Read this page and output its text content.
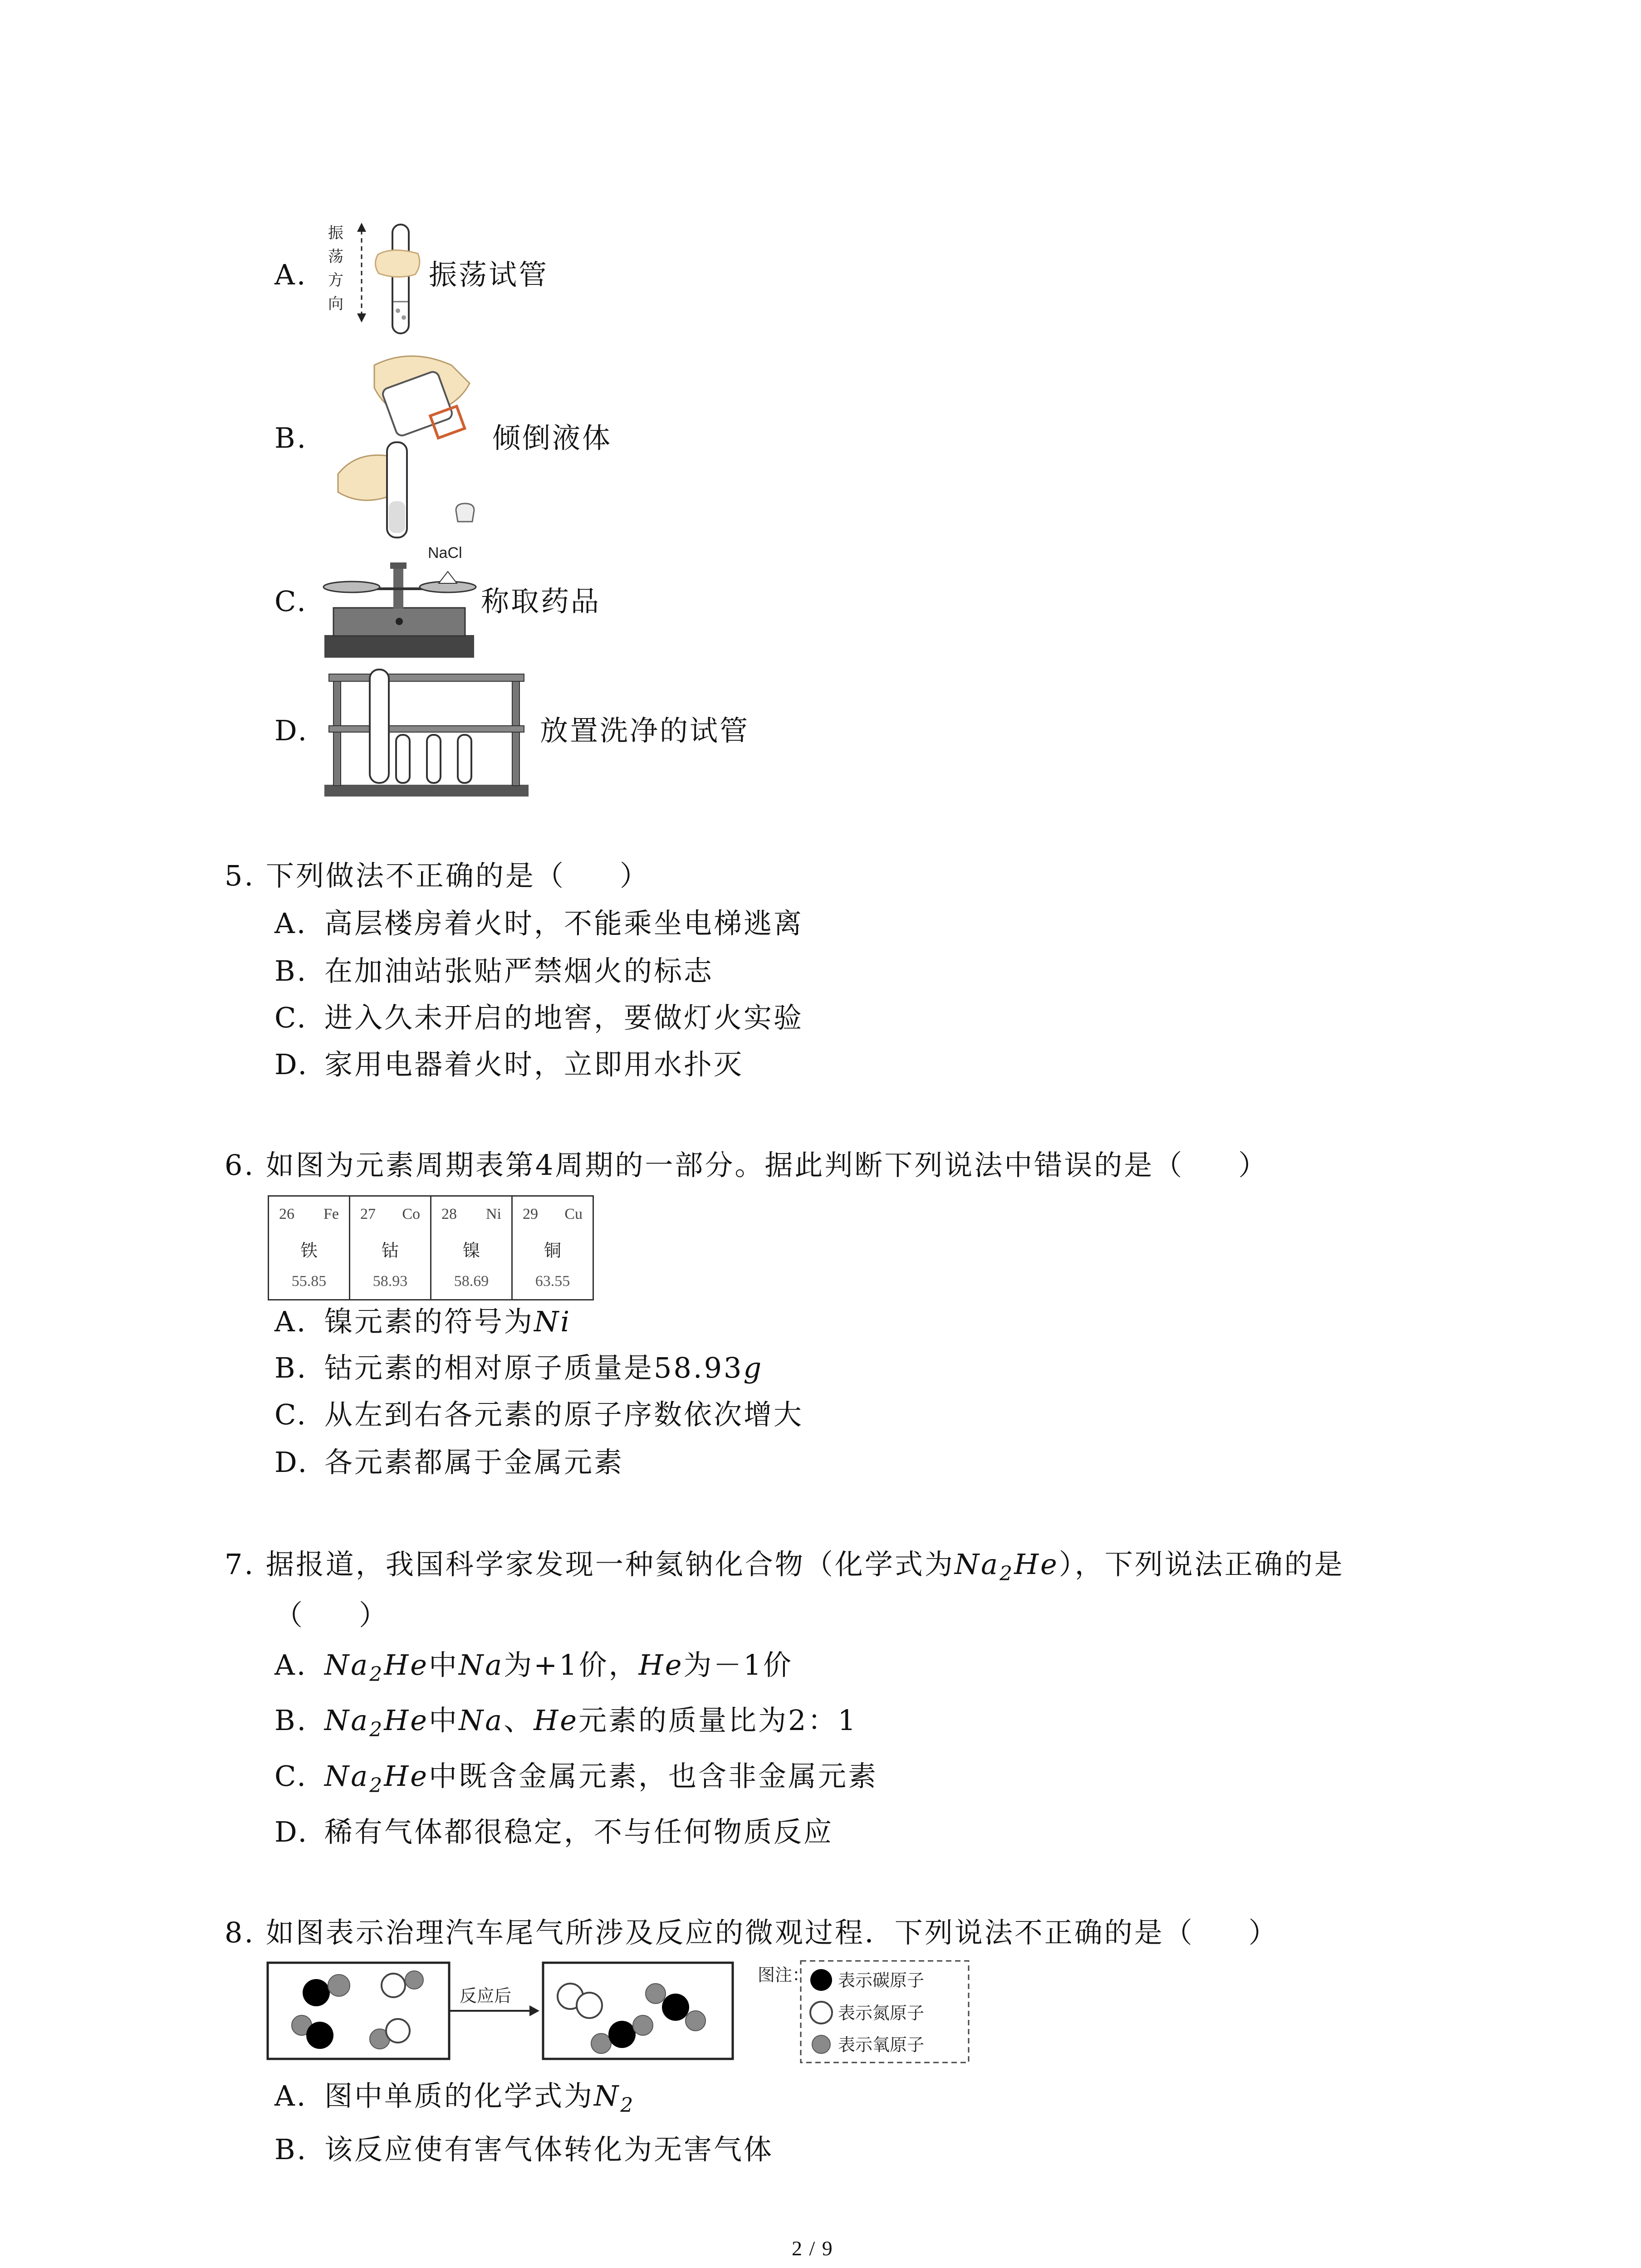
A.
振
荡
方
向
振荡试管
B.	倾倒液体
C.
NaCl
称取药品
D.	放置洗净的试管
5. 下列做法不正确的是（ ）
A. 高层楼房着火时，不能乘坐电梯逃离
B. 在加油站张贴严禁烟火的标志
C. 进入久未开启的地窖，要做灯火实验
D. 家用电器着火时，立即用水扑灭
6. 如图为元素周期表第4周期的一部分。据此判断下列说法中错误的是（ ）
26 Fe
铁
55.85

27 Co
钴
58.93

28 Ni
镍
58.69

29 Cu
铜
63.55
A. 镍元素的符号为Ni
B. 钴元素的相对原子质量是58.93g
C. 从左到右各元素的原子序数依次增大
D. 各元素都属于金属元素
7. 据报道，我国科学家发现一种氦钠化合物（化学式为$Na_2He$），下列说法正确的是
（ ）
A. $Na_2He$中Na为+1价，He为－1价
B. $Na_2He$中Na、He元素的质量比为2：1
C. $Na_2He$中既含金属元素，也含非金属元素
D. 稀有气体都很稳定，不与任何物质反应
8. 如图表示治理汽车尾气所涉及反应的微观过程．下列说法不正确的是（ ）
反应后
图注： 表示碳原子
表示氮原子
表示氧原子
A. 图中单质的化学式为$N_2$
B. 该反应使有害气体转化为无害气体
2 / 9
